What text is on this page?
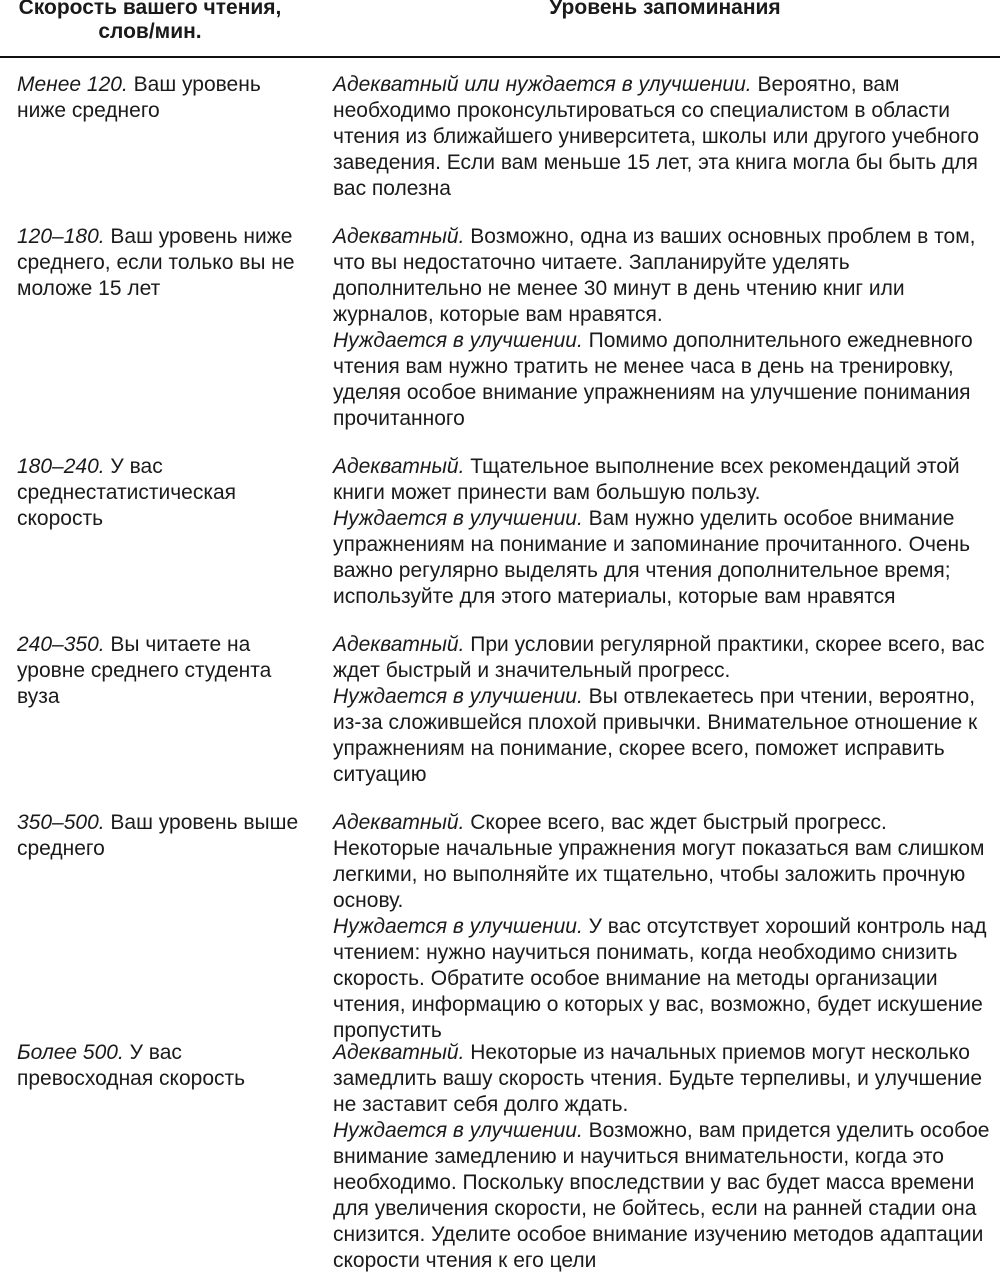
Скорость вашего чтения, слов/мин.
Уровень запоминания
Менее 120. Ваш уровень ниже среднего
Адекватный или нуждается в улучшении. Вероятно, вам необходимо проконсультироваться со специалистом в области чтения из ближайшего университета, школы или другого учебного заведения. Если вам меньше 15 лет, эта книга могла бы быть для вас полезна
120–180. Ваш уровень ниже среднего, если только вы не моложе 15 лет
Адекватный. Возможно, одна из ваших основных проблем в том, что вы недостаточно читаете. Запланируйте уделять дополнительно не менее 30 минут в день чтению книг или журналов, которые вам нравятся.
Нуждается в улучшении. Помимо дополнительного ежедневного чтения вам нужно тратить не менее часа в день на тренировку, уделяя особое внимание упражнениям на улучшение понимания прочитанного
180–240. У вас среднестатистическая скорость
Адекватный. Тщательное выполнение всех рекомендаций этой книги может принести вам большую пользу.
Нуждается в улучшении. Вам нужно уделить особое внимание упражнениям на понимание и запоминание прочитанного. Очень важно регулярно выделять для чтения дополнительное время; используйте для этого материалы, которые вам нравятся
240–350. Вы читаете на уровне среднего студента вуза
Адекватный. При условии регулярной практики, скорее всего, вас ждет быстрый и значительный прогресс.
Нуждается в улучшении. Вы отвлекаетесь при чтении, вероятно, из-за сложившейся плохой привычки. Внимательное отношение к упражнениям на понимание, скорее всего, поможет исправить ситуацию
350–500. Ваш уровень выше среднего
Адекватный. Скорее всего, вас ждет быстрый прогресс. Некоторые начальные упражнения могут показаться вам слишком легкими, но выполняйте их тщательно, чтобы заложить прочную основу.
Нуждается в улучшении. У вас отсутствует хороший контроль над чтением: нужно научиться понимать, когда необходимо снизить скорость. Обратите особое внимание на методы организации чтения, информацию о которых у вас, возможно, будет искушение пропустить
Более 500. У вас превосходная скорость
Адекватный. Некоторые из начальных приемов могут несколько замедлить вашу скорость чтения. Будьте терпеливы, и улучшение не заставит себя долго ждать.
Нуждается в улучшении. Возможно, вам придется уделить особое внимание замедлению и научиться внимательности, когда это необходимо. Поскольку впоследствии у вас будет масса времени для увеличения скорости, не бойтесь, если на ранней стадии она снизится. Уделите особое внимание изучению методов адаптации скорости чтения к его цели
